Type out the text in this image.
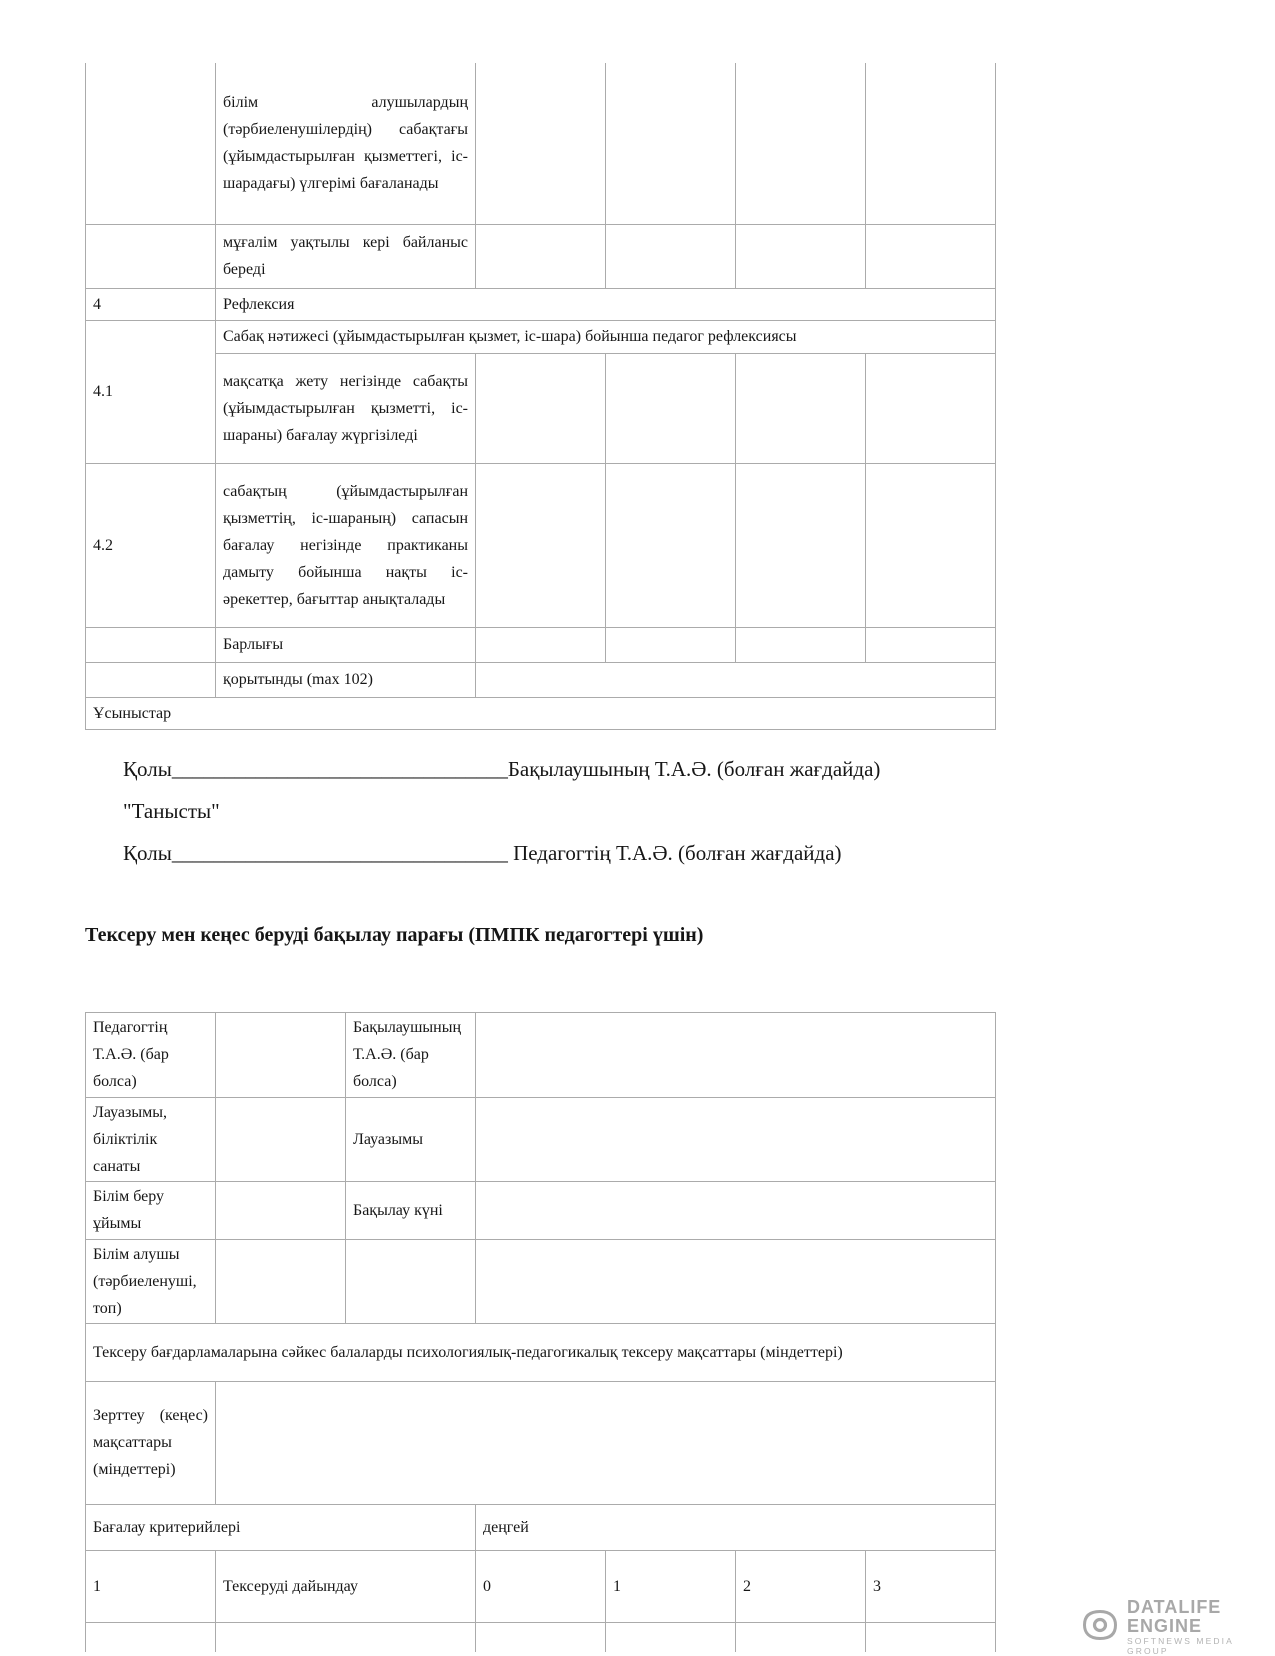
	білім алушылардың (тәрбиеленушілердің) сабақтағы (ұйымдастырылған қызметтегі, іс-шарадағы) үлгерімі бағаланады				
	мұғалім уақтылы кері байланыс береді				
4	Рефлексия				
4.1	Сабақ нәтижесі (ұйымдастырылған қызмет, іс-шара) бойынша педагог рефлексиясы				
	мақсатқа жету негізінде сабақты (ұйымдастырылған қызметті, іс-шараны) бағалау жүргізіледі				
4.2	сабақтың (ұйымдастырылған қызметтің, іс-шараның) сапасын бағалау негізінде практиканы дамыту бойынша нақты іс-әрекеттер, бағыттар анықталады				
	Барлығы				
	қорытынды (max 102)				
Ұсыныстар					
Қолы________________________________Бақылаушының Т.А.Ә. (болған жағдайда)
"Танысты"
Қолы________________________________ Педагогтің Т.А.Ә. (болған жағдайда)
Тексеру мен кеңес беруді бақылау парағы (ПМПК педагогтері үшін)
Педагогтің Т.А.Ә. (бар болса)		Бақылаушының Т.А.Ә. (бар болса)				
Лауазымы, біліктілік санаты		Лауазымы				
Білім беру ұйымы		Бақылау күні				
Білім алушы (тәрбиеленуші, топ)						
Тексеру бағдарламаларына сәйкес балаларды психологиялық-педагогикалық тексеру мақсаттары (міндеттері)						
Зерттеу (кеңес) мақсаттары (міндеттері)						
Бағалау критерийлері			деңгей			
1	Тексеруді дайындау		0	1	2	3

DATALIFE ENGINE
SOFTNEWS MEDIA GROUP
